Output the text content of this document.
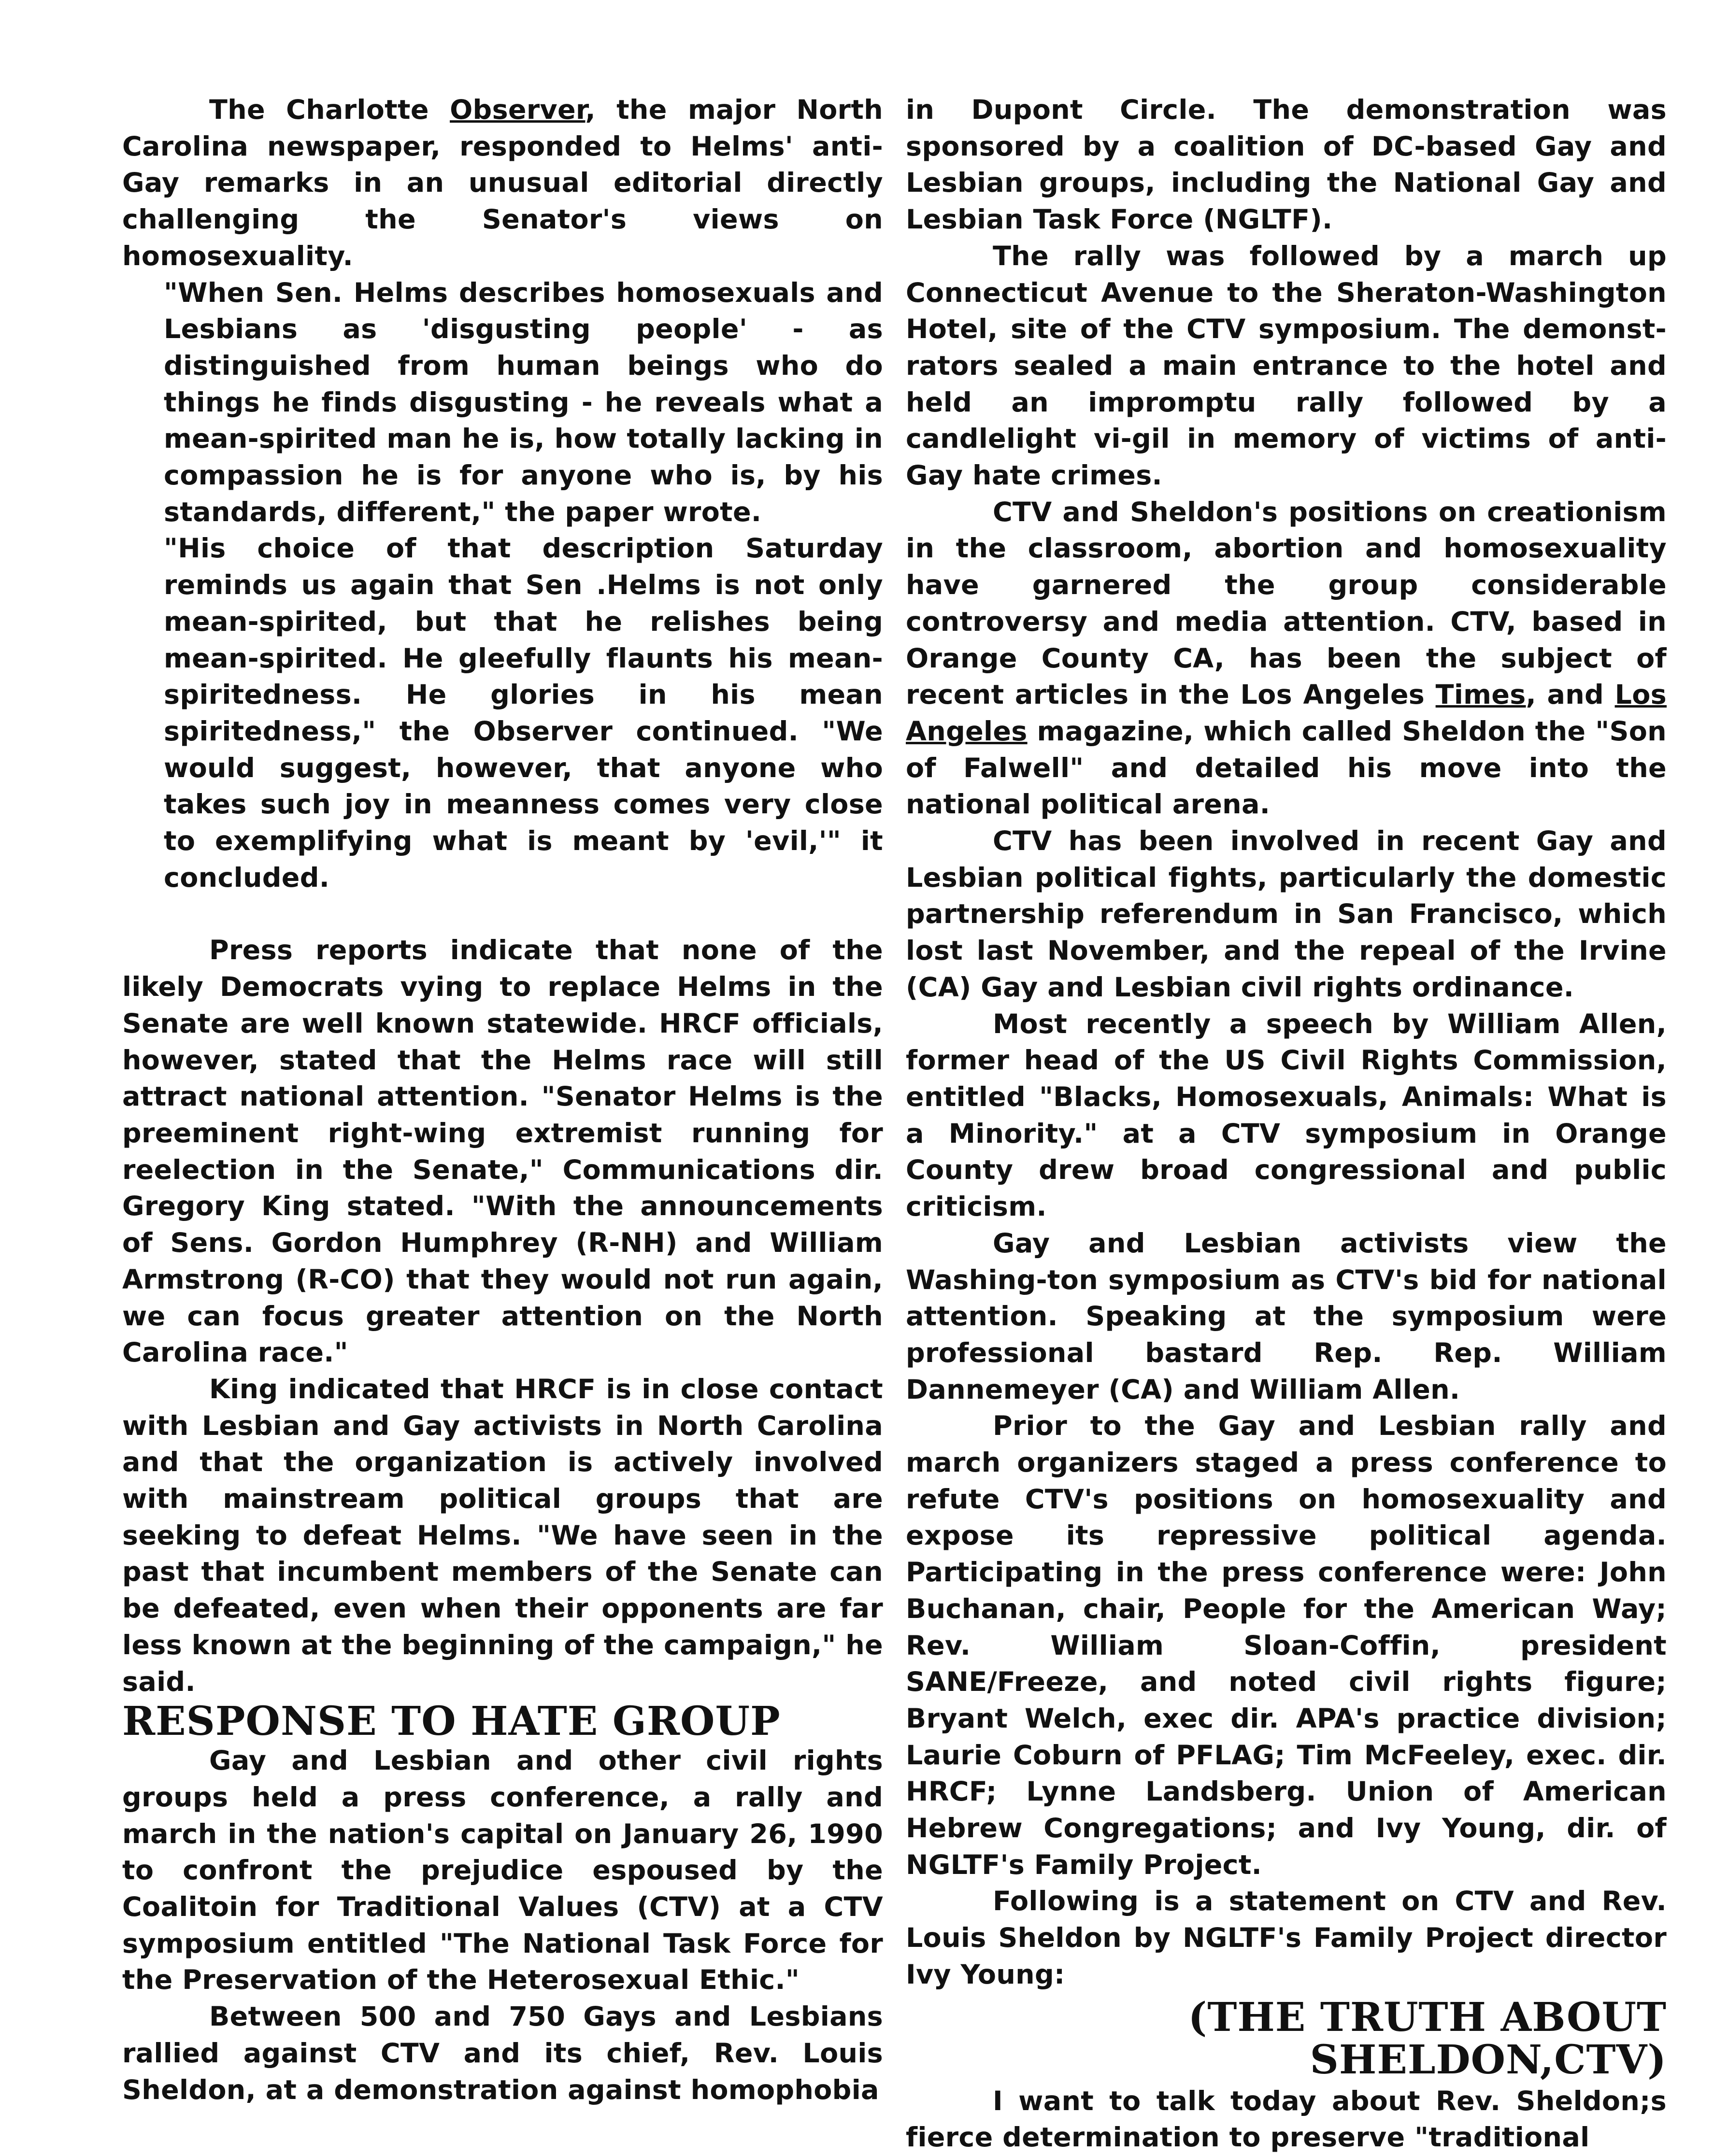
The Charlotte Observer, the major North Carolina newspaper, responded to Helms' anti-Gay remarks in an unusual editorial directly challenging the Senator's views on homosexuality.

"When Sen. Helms describes homosexuals and Lesbians as 'disgusting people' - as distinguished from human beings who do things he finds disgusting - he reveals what a mean-spirited man he is, how totally lacking in compassion he is for anyone who is, by his standards, different," the paper wrote.

"His choice of that description Saturday reminds us again that Sen .Helms is not only mean-spirited, but that he relishes being mean-spirited. He gleefully flaunts his mean-spiritedness. He glories in his mean spiritedness," the Observer continued. "We would suggest, however, that anyone who takes such joy in meanness comes very close to exemplifying what is meant by 'evil,'" it concluded.

Press reports indicate that none of the likely Democrats vying to replace Helms in the Senate are well known statewide. HRCF officials, however, stated that the Helms race will still attract national attention. "Senator Helms is the preeminent right-wing extremist running for reelection in the Senate," Communications dir. Gregory King stated. "With the announcements of Sens. Gordon Humphrey (R-NH) and William Armstrong (R-CO) that they would not run again, we can focus greater attention on the North Carolina race."

King indicated that HRCF is in close contact with Lesbian and Gay activists in North Carolina and that the organization is actively involved with mainstream political groups that are seeking to defeat Helms. "We have seen in the past that incumbent members of the Senate can be defeated, even when their opponents are far less known at the beginning of the campaign," he said.

RESPONSE TO HATE GROUP

Gay and Lesbian and other civil rights groups held a press conference, a rally and march in the nation's capital on January 26, 1990 to confront the prejudice espoused by the Coalitoin for Traditional Values (CTV) at a CTV symposium entitled "The National Task Force for the Preservation of the Heterosexual Ethic."

Between 500 and 750 Gays and Lesbians rallied against CTV and its chief, Rev. Louis Sheldon, at a demonstration against homophobia

in Dupont Circle. The demonstration was sponsored by a coalition of DC-based Gay and Lesbian groups, including the National Gay and Lesbian Task Force (NGLTF).

The rally was followed by a march up Connecticut Avenue to the Sheraton-Washington Hotel, site of the CTV symposium. The demonst-rators sealed a main entrance to the hotel and held an impromptu rally followed by a candlelight vi-gil in memory of victims of anti-Gay hate crimes.

CTV and Sheldon's positions on creationism in the classroom, abortion and homosexuality have garnered the group considerable controversy and media attention. CTV, based in Orange County CA, has been the subject of recent articles in the Los Angeles Times, and Los Angeles magazine, which called Sheldon the "Son of Falwell" and detailed his move into the national political arena.

CTV has been involved in recent Gay and Lesbian political fights, particularly the domestic partnership referendum in San Francisco, which lost last November, and the repeal of the Irvine (CA) Gay and Lesbian civil rights ordinance.

Most recently a speech by William Allen, former head of the US Civil Rights Commission, entitled "Blacks, Homosexuals, Animals: What is a Minority." at a CTV symposium in Orange County drew broad congressional and public criticism.

Gay and Lesbian activists view the Washing-ton symposium as CTV's bid for national attention. Speaking at the symposium were professional bastard Rep. Rep. William Dannemeyer (CA) and William Allen.

Prior to the Gay and Lesbian rally and march organizers staged a press conference to refute CTV's positions on homosexuality and expose its repressive political agenda. Participating in the press conference were: John Buchanan, chair, People for the American Way; Rev. William Sloan-Coffin, president SANE/Freeze, and noted civil rights figure; Bryant Welch, exec dir. APA's practice division; Laurie Coburn of PFLAG; Tim McFeeley, exec. dir. HRCF; Lynne Landsberg. Union of American Hebrew Congregations; and Ivy Young, dir. of NGLTF's Family Project.

Following is a statement on CTV and Rev. Louis Sheldon by NGLTF's Family Project director Ivy Young:

(THE TRUTH ABOUT SHELDON,CTV)

I want to talk today about Rev. Sheldon;s fierce determination to preserve "traditional
